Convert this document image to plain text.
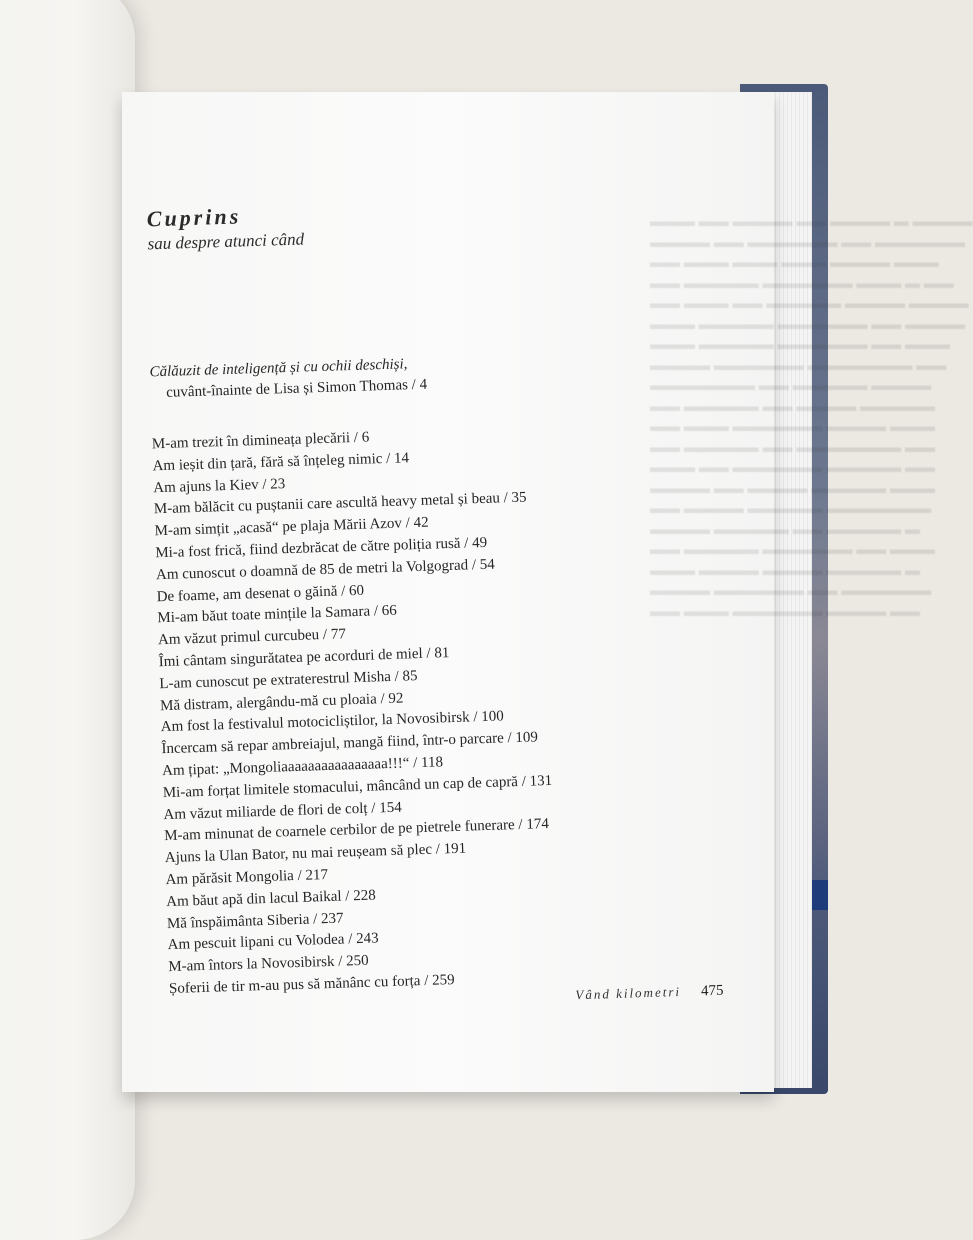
▬▬▬ ▬▬ ▬▬▬▬ ▬▬ ▬▬▬▬ ▬ ▬▬▬▬
▬▬▬▬ ▬▬ ▬▬▬▬▬▬ ▬▬ ▬▬▬▬▬▬
▬▬ ▬▬▬ ▬▬▬ ▬▬▬ ▬▬▬▬ ▬▬▬
▬▬ ▬▬▬▬▬ ▬▬▬▬▬▬ ▬▬▬ ▬ ▬▬
▬▬ ▬▬▬ ▬▬ ▬▬▬▬▬ ▬▬▬▬ ▬▬▬▬
▬▬▬ ▬▬▬▬▬ ▬▬▬▬▬▬ ▬▬ ▬▬▬▬
▬▬▬ ▬▬▬▬▬ ▬▬▬▬▬▬ ▬▬ ▬▬▬
▬▬▬▬ ▬▬▬▬▬▬ ▬▬▬▬▬▬▬ ▬▬
▬▬▬▬▬▬▬ ▬▬ ▬▬▬▬▬ ▬▬▬▬
▬▬ ▬▬▬▬▬ ▬▬ ▬▬▬▬ ▬▬▬▬▬
▬▬ ▬▬▬ ▬▬▬▬▬▬ ▬▬▬▬ ▬▬▬
▬▬ ▬▬▬▬▬ ▬▬ ▬▬▬▬▬▬▬ ▬▬
▬▬▬ ▬▬ ▬▬▬▬▬▬ ▬▬▬▬▬ ▬▬
▬▬▬▬ ▬▬ ▬▬▬▬ ▬▬▬▬▬ ▬▬▬
▬▬ ▬▬▬▬ ▬▬▬▬▬ ▬▬▬▬▬▬▬
▬▬▬▬ ▬▬▬▬▬ ▬▬ ▬▬▬▬▬ ▬
▬▬ ▬▬▬▬▬ ▬▬▬▬▬▬ ▬▬ ▬▬▬
▬▬▬ ▬▬▬▬ ▬▬▬▬ ▬▬▬▬▬ ▬
▬▬▬▬ ▬▬▬▬▬▬ ▬▬ ▬▬▬▬▬▬
▬▬ ▬▬▬ ▬▬▬▬▬▬ ▬▬▬▬ ▬▬
Cuprins
sau despre atunci când
Călăuzit de inteligență și cu ochii deschiși,
cuvânt-înainte de Lisa și Simon Thomas / 4
M-am trezit în dimineața plecării / 6
Am ieșit din țară, fără să înțeleg nimic / 14
Am ajuns la Kiev / 23
M-am bălăcit cu puștanii care ascultă heavy metal și beau / 35
M-am simțit „acasă“ pe plaja Mării Azov / 42
Mi-a fost frică, fiind dezbrăcat de către poliția rusă / 49
Am cunoscut o doamnă de 85 de metri la Volgograd / 54
De foame, am desenat o găină / 60
Mi-am băut toate mințile la Samara / 66
Am văzut primul curcubeu / 77
Îmi cântam singurătatea pe acorduri de miel / 81
L-am cunoscut pe extraterestrul Misha / 85
Mă distram, alergându-mă cu ploaia / 92
Am fost la festivalul motocicliștilor, la Novosibirsk / 100
Încercam să repar ambreiajul, mangă fiind, într-o parcare / 109
Am țipat: „Mongoliaaaaaaaaaaaaaaaa!!!“ / 118
Mi-am forțat limitele stomacului, mâncând un cap de capră / 131
Am văzut miliarde de flori de colț / 154
M-am minunat de coarnele cerbilor de pe pietrele funerare / 174
Ajuns la Ulan Bator, nu mai reușeam să plec / 191
Am părăsit Mongolia / 217
Am băut apă din lacul Baikal / 228
Mă înspăimânta Siberia / 237
Am pescuit lipani cu Volodea / 243
M-am întors la Novosibirsk / 250
Șoferii de tir m-au pus să mănânc cu forța / 259	Vând kilometri 475
